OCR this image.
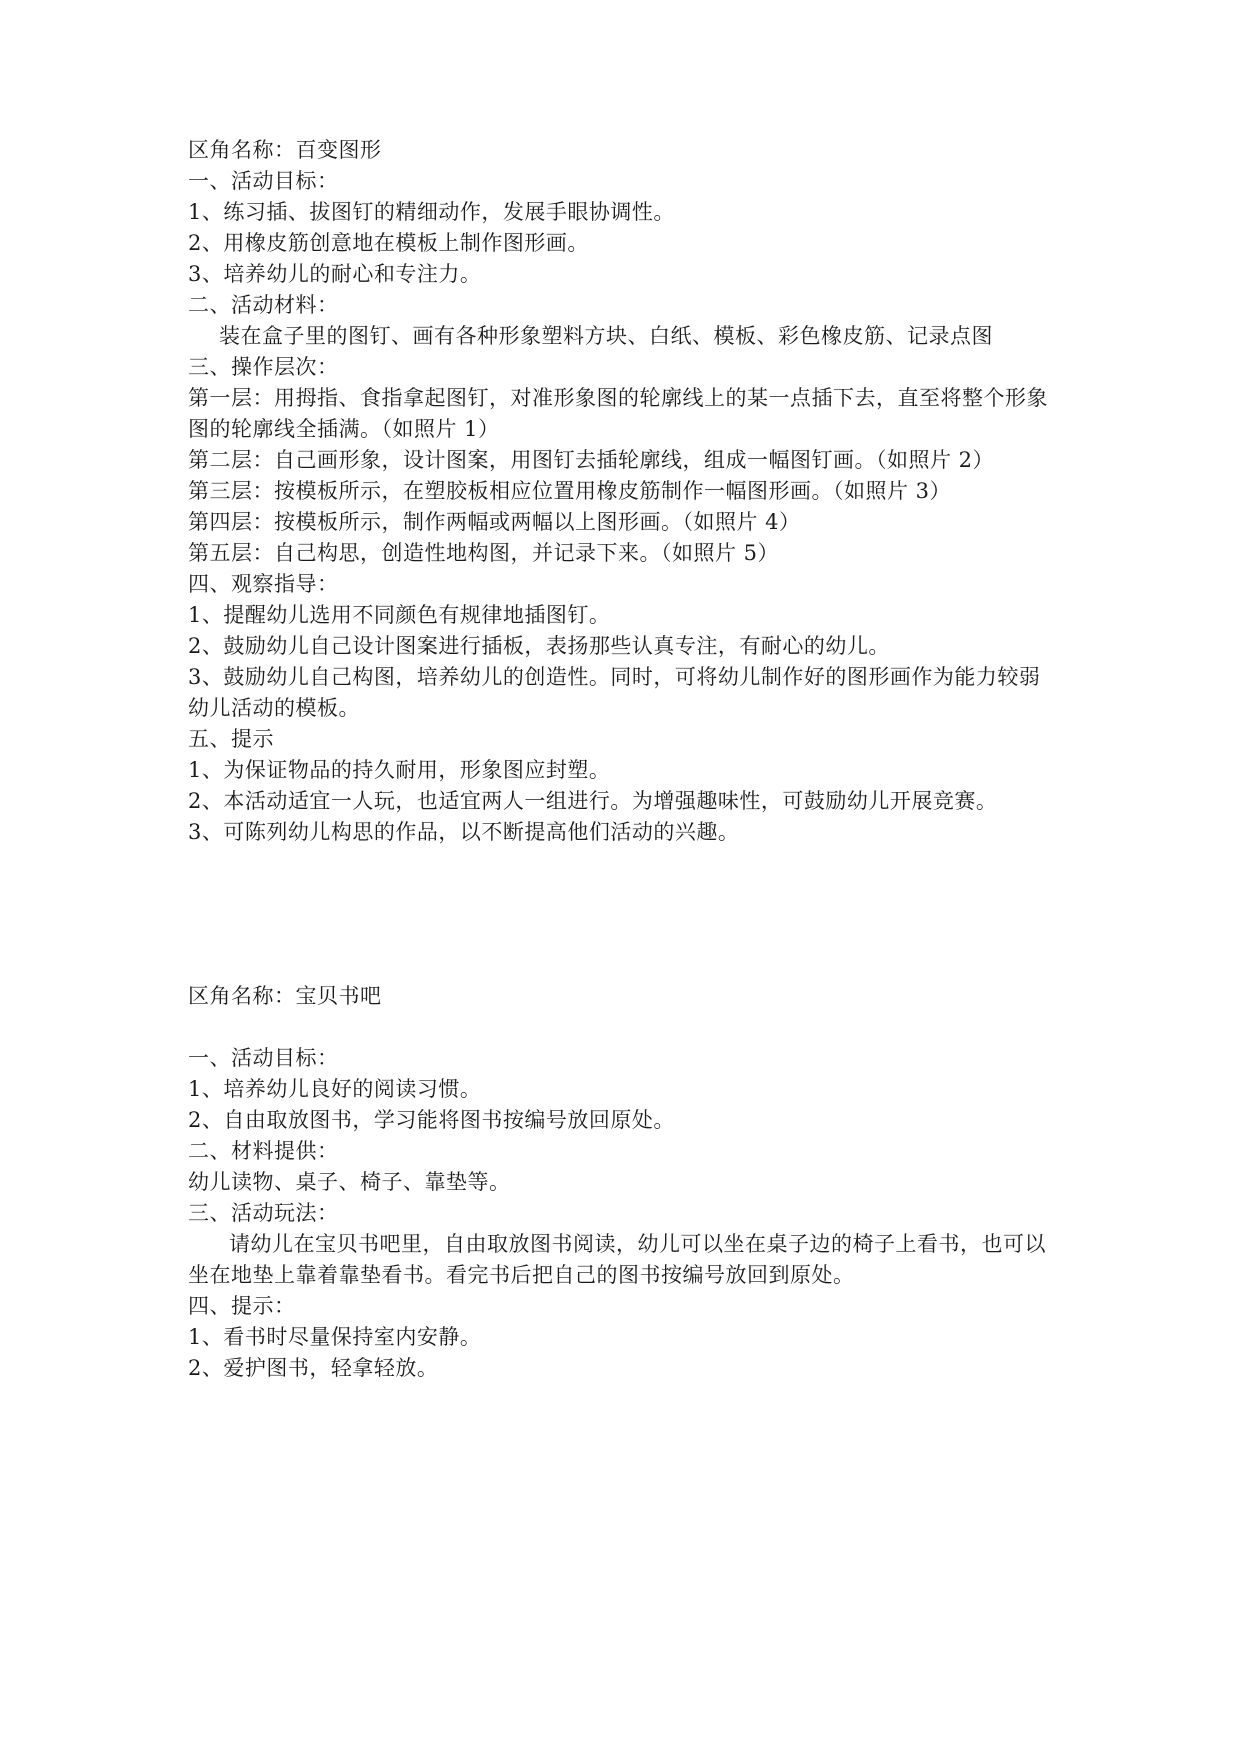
区角名称：百变图形
一、活动目标：
1、练习插、拔图钉的精细动作，发展手眼协调性。
2、用橡皮筋创意地在模板上制作图形画。
3、培养幼儿的耐心和专注力。
二、活动材料：
装在盒子里的图钉、画有各种形象塑料方块、白纸、模板、彩色橡皮筋、记录点图
三、操作层次：
第一层：用拇指、食指拿起图钉，对准形象图的轮廓线上的某一点插下去，直至将整个形象
图的轮廓线全插满。（如照片 1）
第二层：自己画形象，设计图案，用图钉去插轮廓线，组成一幅图钉画。（如照片 2）
第三层：按模板所示，在塑胶板相应位置用橡皮筋制作一幅图形画。（如照片 3）
第四层：按模板所示，制作两幅或两幅以上图形画。（如照片 4）
第五层：自己构思，创造性地构图，并记录下来。（如照片 5）
四、观察指导：
1、提醒幼儿选用不同颜色有规律地插图钉。
2、鼓励幼儿自己设计图案进行插板，表扬那些认真专注，有耐心的幼儿。
3、鼓励幼儿自己构图，培养幼儿的创造性。同时，可将幼儿制作好的图形画作为能力较弱
幼儿活动的模板。
五、提示
1、为保证物品的持久耐用，形象图应封塑。
2、本活动适宜一人玩，也适宜两人一组进行。为增强趣味性，可鼓励幼儿开展竞赛。
3、可陈列幼儿构思的作品，以不断提高他们活动的兴趣。
区角名称：宝贝书吧
一、活动目标：
1、培养幼儿良好的阅读习惯。
2、自由取放图书，学习能将图书按编号放回原处。
二、材料提供：
幼儿读物、桌子、椅子、靠垫等。
三、活动玩法：
请幼儿在宝贝书吧里，自由取放图书阅读，幼儿可以坐在桌子边的椅子上看书，也可以
坐在地垫上靠着靠垫看书。看完书后把自己的图书按编号放回到原处。
四、提示：
1、看书时尽量保持室内安静。
2、爱护图书，轻拿轻放。
